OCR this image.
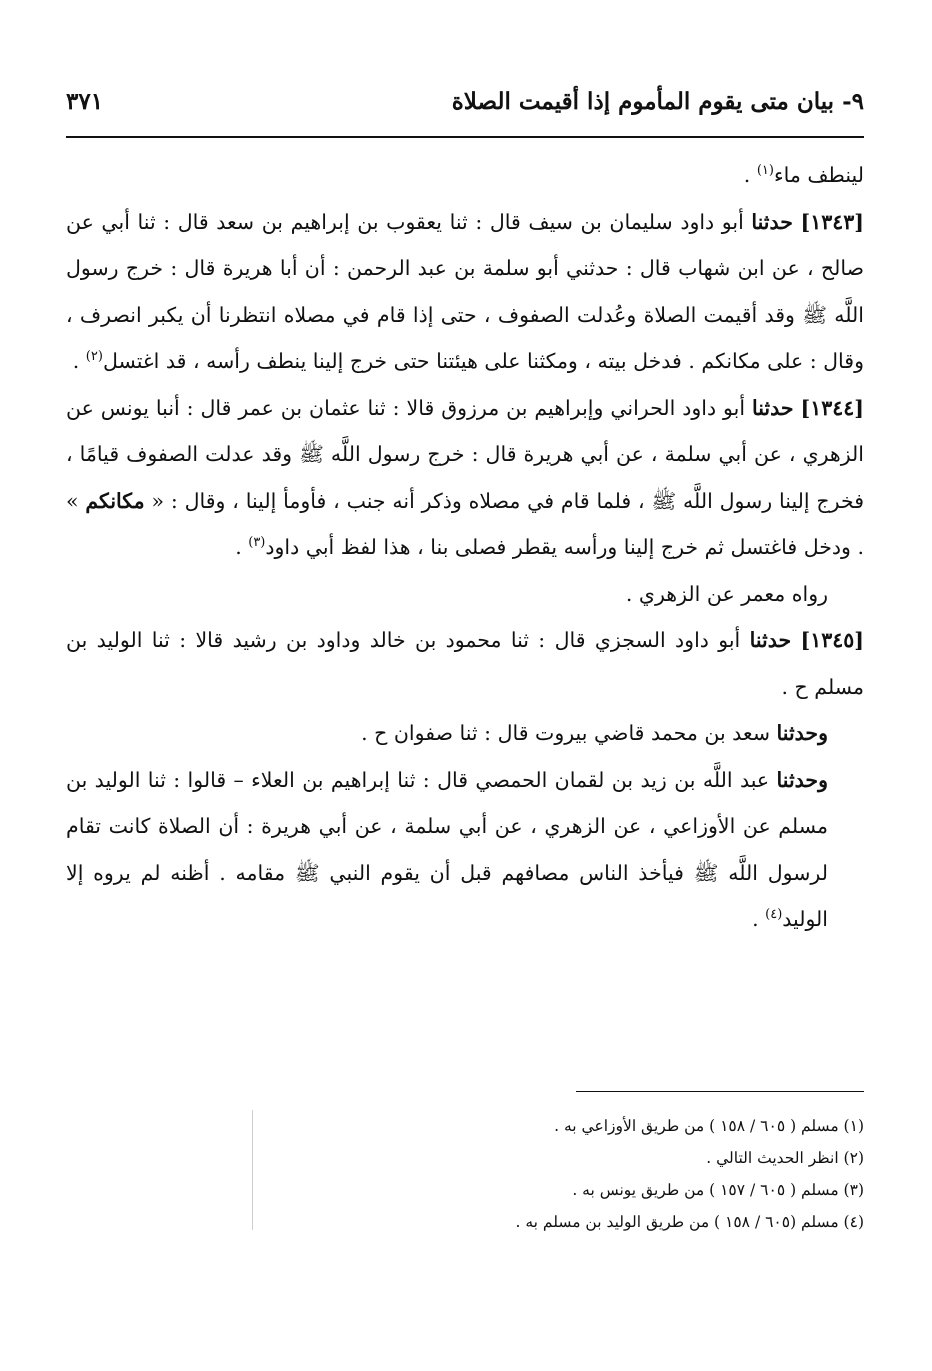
٩- بيان متى يقوم المأموم إذا أقيمت الصلاة
٣٧١

لينطف ماء$^{(١)}$ .

[١٣٤٣] حدثنا أبو داود سليمان بن سيف قال : ثنا يعقوب بن إبراهيم بن سعد قال : ثنا أبي عن صالح ، عن ابن شهاب قال : حدثني أبو سلمة بن عبد الرحمن : أن أبا هريرة قال : خرج رسول اللَّه ﷺ وقد أقيمت الصلاة وعُدلت الصفوف ، حتى إذا قام في مصلاه انتظرنا أن يكبر انصرف ، وقال : على مكانكم . فدخل بيته ، ومكثنا على هيئتنا حتى خرج إلينا ينطف رأسه ، قد اغتسل$^{(٢)}$ .

[١٣٤٤] حدثنا أبو داود الحراني وإبراهيم بن مرزوق قالا : ثنا عثمان بن عمر قال : أنبا يونس عن الزهري ، عن أبي سلمة ، عن أبي هريرة قال : خرج رسول اللَّه ﷺ وقد عدلت الصفوف قيامًا ، فخرج إلينا رسول اللَّه ﷺ ، فلما قام في مصلاه وذكر أنه جنب ، فأومأ إلينا ، وقال : « مكانكم » . ودخل فاغتسل ثم خرج إلينا ورأسه يقطر فصلى بنا ، هذا لفظ أبي داود$^{(٣)}$ .

رواه معمر عن الزهري .

[١٣٤٥] حدثنا أبو داود السجزي قال : ثنا محمود بن خالد وداود بن رشيد قالا : ثنا الوليد بن مسلم ح .

وحدثنا سعد بن محمد قاضي بيروت قال : ثنا صفوان ح .

وحدثنا عبد اللَّه بن زيد بن لقمان الحمصي قال : ثنا إبراهيم بن العلاء – قالوا : ثنا الوليد بن مسلم عن الأوزاعي ، عن الزهري ، عن أبي سلمة ، عن أبي هريرة : أن الصلاة كانت تقام لرسول اللَّه ﷺ فيأخذ الناس مصافهم قبل أن يقوم النبي ﷺ مقامه . أظنه لم يروه إلا الوليد$^{(٤)}$ .

(١) مسلم ( ٦٠٥ / ١٥٨ ) من طريق الأوزاعي به .
(٢) انظر الحديث التالي .
(٣) مسلم ( ٦٠٥ / ١٥٧ ) من طريق يونس به .
(٤) مسلم (٦٠٥ / ١٥٨ ) من طريق الوليد بن مسلم به .
